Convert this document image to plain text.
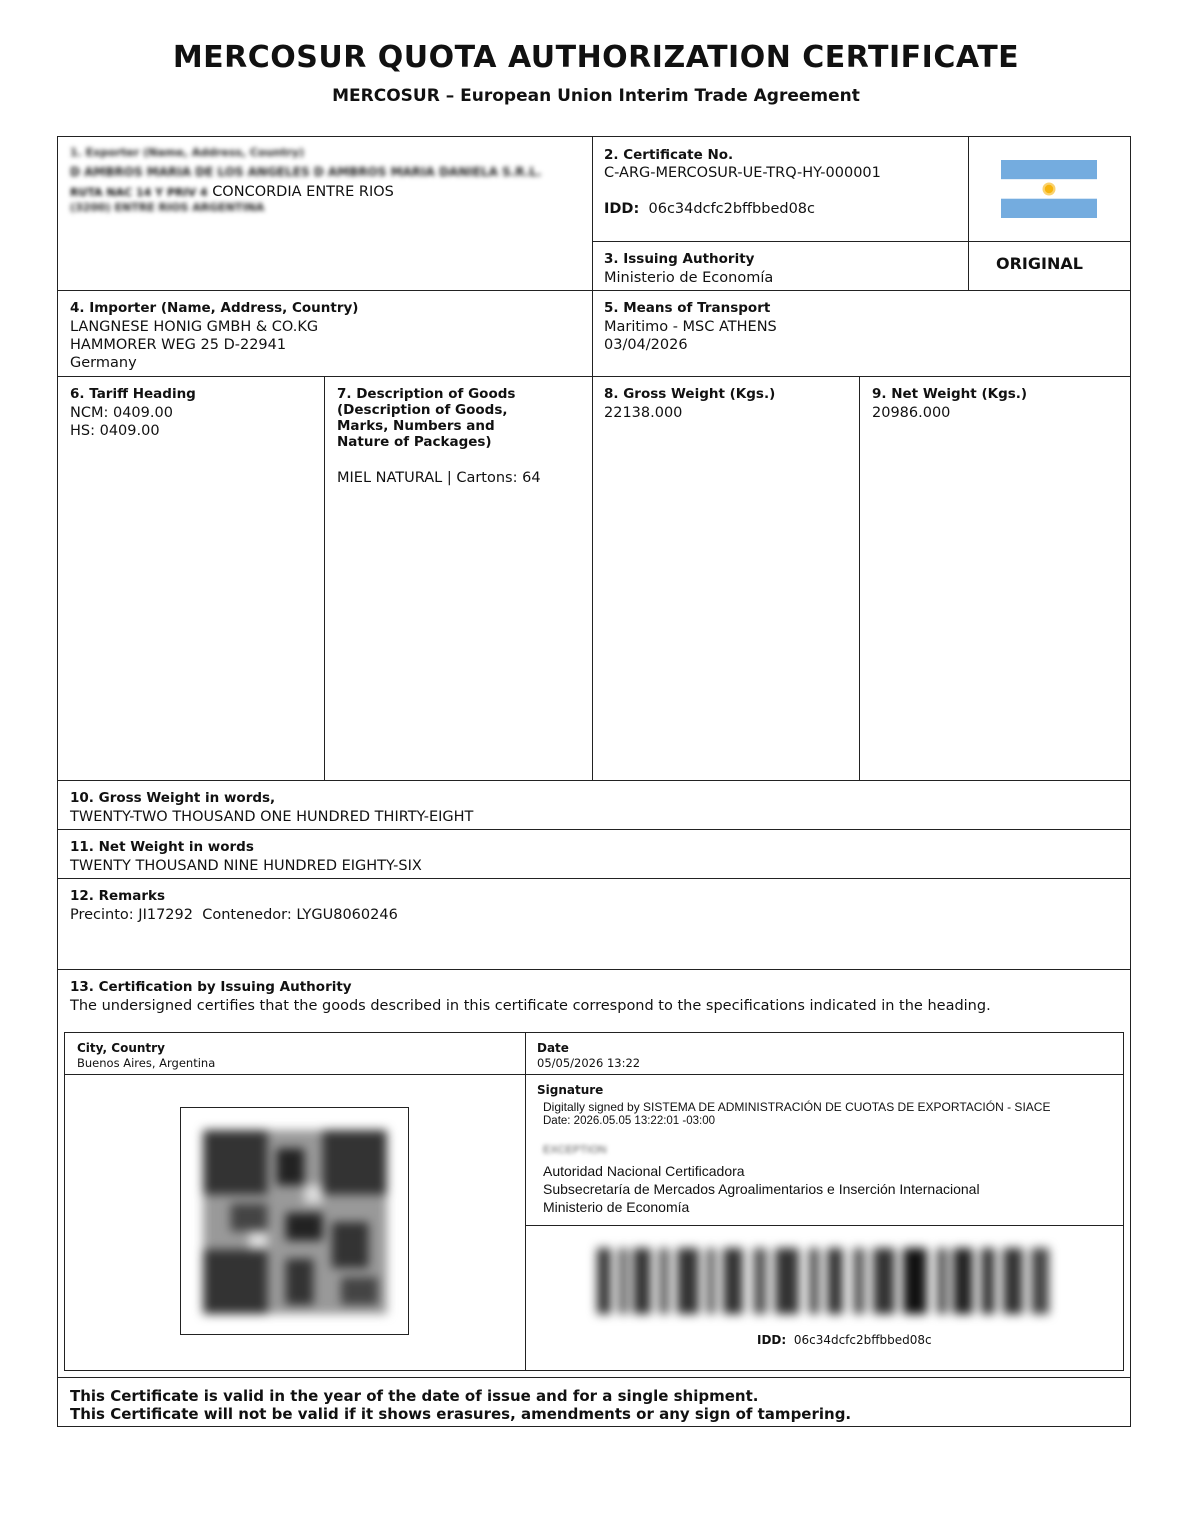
MERCOSUR QUOTA AUTHORIZATION CERTIFICATE
MERCOSUR – European Union Interim Trade Agreement
1. Exporter (Name, Address, Country)
D AMBROS MARIA DE LOS ANGELES D AMBROS MARIA DANIELA S.R.L.
RUTA NAC 14 Y PRIV 4 CONCORDIA ENTRE RIOS
(3200) ENTRE RIOS ARGENTINA
2. Certificate No.
C-ARG-MERCOSUR-UE-TRQ-HY-000001
IDD: 06c34dcfc2bffbbed08c
3. Issuing Authority
Ministerio de Economía
ORIGINAL
4. Importer (Name, Address, Country)
LANGNESE HONIG GMBH & CO.KG
HAMMORER WEG 25 D-22941
Germany
5. Means of Transport
Maritimo - MSC ATHENS
03/04/2026
6. Tariff Heading
NCM: 0409.00
HS: 0409.00
7. Description of Goods
(Description of Goods,
Marks, Numbers and
Nature of Packages)
MIEL NATURAL | Cartons: 64
8. Gross Weight (Kgs.)
22138.000
9. Net Weight (Kgs.)
20986.000
10. Gross Weight in words,
TWENTY-TWO THOUSAND ONE HUNDRED THIRTY-EIGHT
11. Net Weight in words
TWENTY THOUSAND NINE HUNDRED EIGHTY-SIX
12. Remarks
Precinto: JI17292  Contenedor: LYGU8060246
13. Certification by Issuing Authority
The undersigned certifies that the goods described in this certificate correspond to the specifications indicated in the heading.
City, Country
Buenos Aires, Argentina
Date
05/05/2026 13:22
Signature
Digitally signed by SISTEMA DE ADMINISTRACIÓN DE CUOTAS DE EXPORTACIÓN - SIACE
Date: 2026.05.05 13:22:01 -03:00
EXCEPTION
Autoridad Nacional Certificadora
Subsecretaría de Mercados Agroalimentarios e Inserción Internacional
Ministerio de Economía
IDD: 06c34dcfc2bffbbed08c
This Certificate is valid in the year of the date of issue and for a single shipment.
This Certificate will not be valid if it shows erasures, amendments or any sign of tampering.
